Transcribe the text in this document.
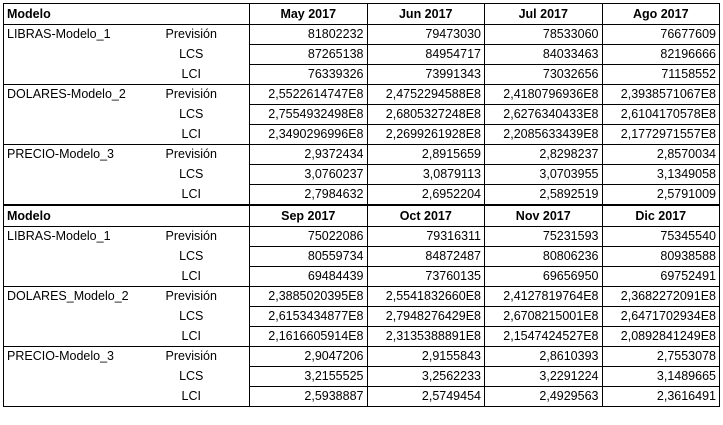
Modelo		May 2017	Jun 2017	Jul 2017	Ago 2017
LIBRAS-Modelo_1	Previsión	81802232	79473030	78533060	76677609
	LCS	87265138	84954717	84033463	82196666
	LCI	76339326	73991343	73032656	71158552
DOLARES-Modelo_2	Previsión	2,5522614747E8	2,4752294588E8	2,4180796936E8	2,3938571067E8
	LCS	2,7554932498E8	2,6805327248E8	2,6276340433E8	2,6104170578E8
	LCI	2,3490296996E8	2,2699261928E8	2,2085633439E8	2,1772971557E8
PRECIO-Modelo_3	Previsión	2,9372434	2,8915659	2,8298237	2,8570034
	LCS	3,0760237	3,0879113	3,0703955	3,1349058
	LCI	2,7984632	2,6952204	2,5892519	2,5791009
Modelo		Sep 2017	Oct 2017	Nov 2017	Dic 2017
LIBRAS-Modelo_1	Previsión	75022086	79316311	75231593	75345540
	LCS	80559734	84872487	80806236	80938588
	LCI	69484439	73760135	69656950	69752491
DOLARES_Modelo_2	Previsión	2,3885020395E8	2,5541832660E8	2,4127819764E8	2,3682272091E8
	LCS	2,6153434877E8	2,7948276429E8	2,6708215001E8	2,6471702934E8
	LCI	2,1616605914E8	2,3135388891E8	2,1547424527E8	2,0892841249E8
PRECIO-Modelo_3	Previsión	2,9047206	2,9155843	2,8610393	2,7553078
	LCS	3,2155525	3,2562233	3,2291224	3,1489665
	LCI	2,5938887	2,5749454	2,4929563	2,3616491
